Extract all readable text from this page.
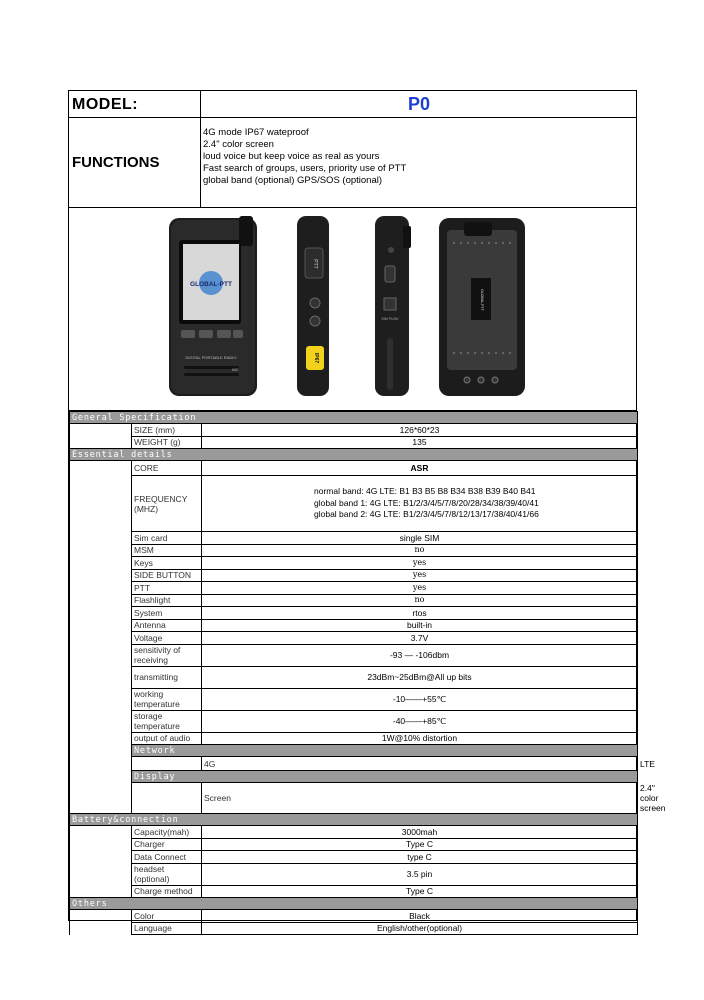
MODEL:	P0
FUNCTIONS
4G mode IP67 wateproof
2.4" color screen
loud voice but keep voice as real as yours
Fast search of groups, users, priority use of PTT
global band (optional) GPS/SOS (optional)
GLOBAL-PTT
DIGITAL PORTABLE RADIO
MIC
PTT
IP67
SIM PUSH
GLOBAL-PTT
General Specification			
	SIZE (mm)	126*60*23	
	WEIGHT (g)	135	
Essential details			
	CORE	ASR	
	FREQUENCY (MHZ)	normal band: 4G LTE: B1 B3 B5 B8 B34 B38 B39 B40 B41
global band 1: 4G LTE: B1/2/3/4/5/7/8/20/28/34/38/39/40/41
global band 2: 4G LTE: B1/2/3/4/5/7/8/12/13/17/38/40/41/66	

	Sim card	single SIM	
	MSM	no	
	Keys	yes	
	SIDE BUTTON	yes	
	PTT	yes	
	Flashlight	no	
	System	rtos	
	Antenna	built-in	
	Voltage	3.7V	
	sensitivity of receiving	-93 — -106dbm	
	transmitting	23dBm~25dBm@All up bits	
	working temperature	-10——+55℃	
	storage temperature	-40——+85℃	
	output of audio	1W@10% distortion	
	Network		
		4G	LTE
	Display		
		Screen	2.4" color screen
Battery&connection			
	Capacity(mah)	3000mah	
	Charger	Type C	
	Data Connect	type C	
	headset (optional)	3.5 pin	
	Charge method	Type C	
Others			
	Color	Black	
	Language	English/other(optional)	
